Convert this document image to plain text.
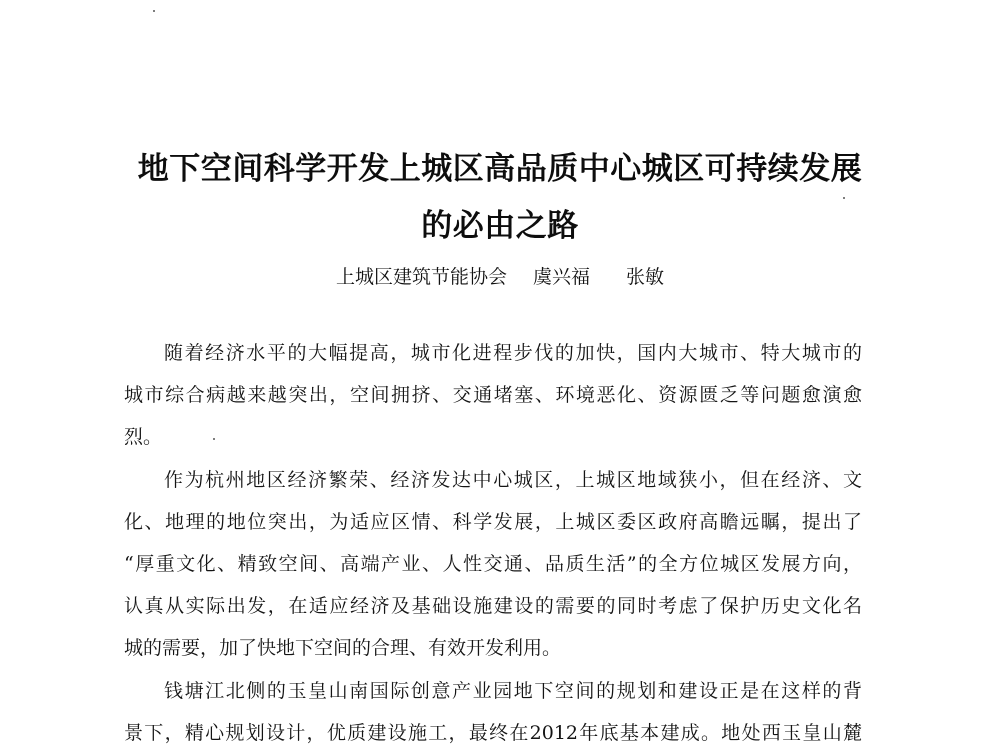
地下空间科学开发上城区高品质中心城区可持续发展
的必由之路
上城区建筑节能协会 虞兴福 张敏
随着经济水平的大幅提高，城市化进程步伐的加快，国内大城市、特大城市的
城市综合病越来越突出，空间拥挤、交通堵塞、环境恶化、资源匮乏等问题愈演愈
烈。
作为杭州地区经济繁荣、经济发达中心城区，上城区地域狭小，但在经济、文
化、地理的地位突出，为适应区情、科学发展，上城区委区政府高瞻远瞩，提出了
“厚重文化、精致空间、高端产业、人性交通、品质生活”的全方位城区发展方向，
认真从实际出发，在适应经济及基础设施建设的需要的同时考虑了保护历史文化名
城的需要，加了快地下空间的合理、有效开发利用。
钱塘江北侧的玉皇山南国际创意产业园地下空间的规划和建设正是在这样的背
景下，精心规划设计，优质建设施工，最终在2012年底基本建成。地处西玉皇山麓
